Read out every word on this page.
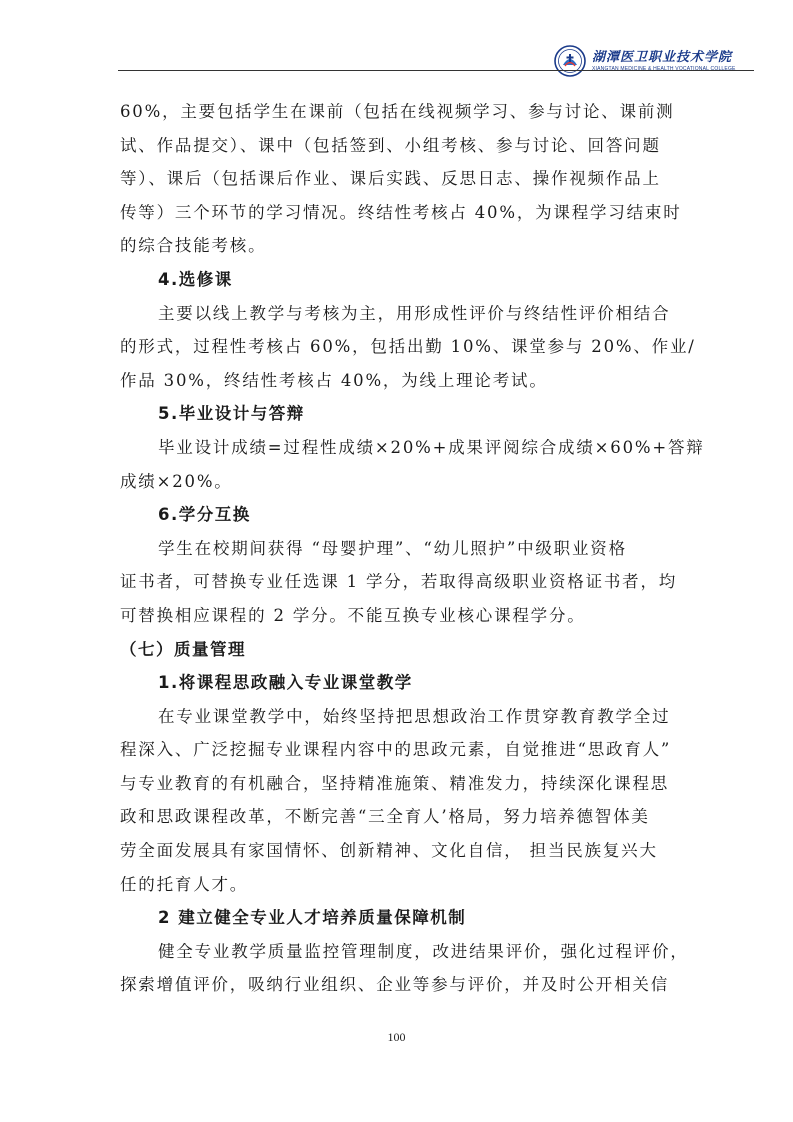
湖潭医卫职业技术学院
XIANGTAN MEDICINE & HEALTH VOCATIONAL COLLEGE

60%，主要包括学生在课前（包括在线视频学习、参与讨论、课前测

试、作品提交）、课中（包括签到、小组考核、参与讨论、回答问题

等）、课后（包括课后作业、课后实践、反思日志、操作视频作品上

传等）三个环节的学习情况。终结性考核占 40%，为课程学习结束时

的综合技能考核。

4.选修课

主要以线上教学与考核为主，用形成性评价与终结性评价相结合

的形式，过程性考核占 60%，包括出勤 10%、课堂参与 20%、作业/

作品 30%，终结性考核占 40%，为线上理论考试。

5.毕业设计与答辩

毕业设计成绩=过程性成绩×20%+成果评阅综合成绩×60%+答辩

成绩×20%。

6.学分互换

学生在校期间获得 “母婴护理”、“幼儿照护”中级职业资格

证书者，可替换专业任选课 1 学分，若取得高级职业资格证书者，均

可替换相应课程的 2 学分。不能互换专业核心课程学分。

（七）质量管理
1.将课程思政融入专业课堂教学

在专业课堂教学中，始终坚持把思想政治工作贯穿教育教学全过

程深入、广泛挖掘专业课程内容中的思政元素，自觉推进“思政育人”

与专业教育的有机融合，坚持精准施策、精准发力，持续深化课程思

政和思政课程改革，不断完善“三全育人’格局，努力培养德智体美

劳全面发展具有家国情怀、创新精神、文化自信， 担当民族复兴大

任的托育人才。

2 建立健全专业人才培养质量保障机制

健全专业教学质量监控管理制度，改进结果评价，强化过程评价，

探索增值评价，吸纳行业组织、企业等参与评价，并及时公开相关信

100
